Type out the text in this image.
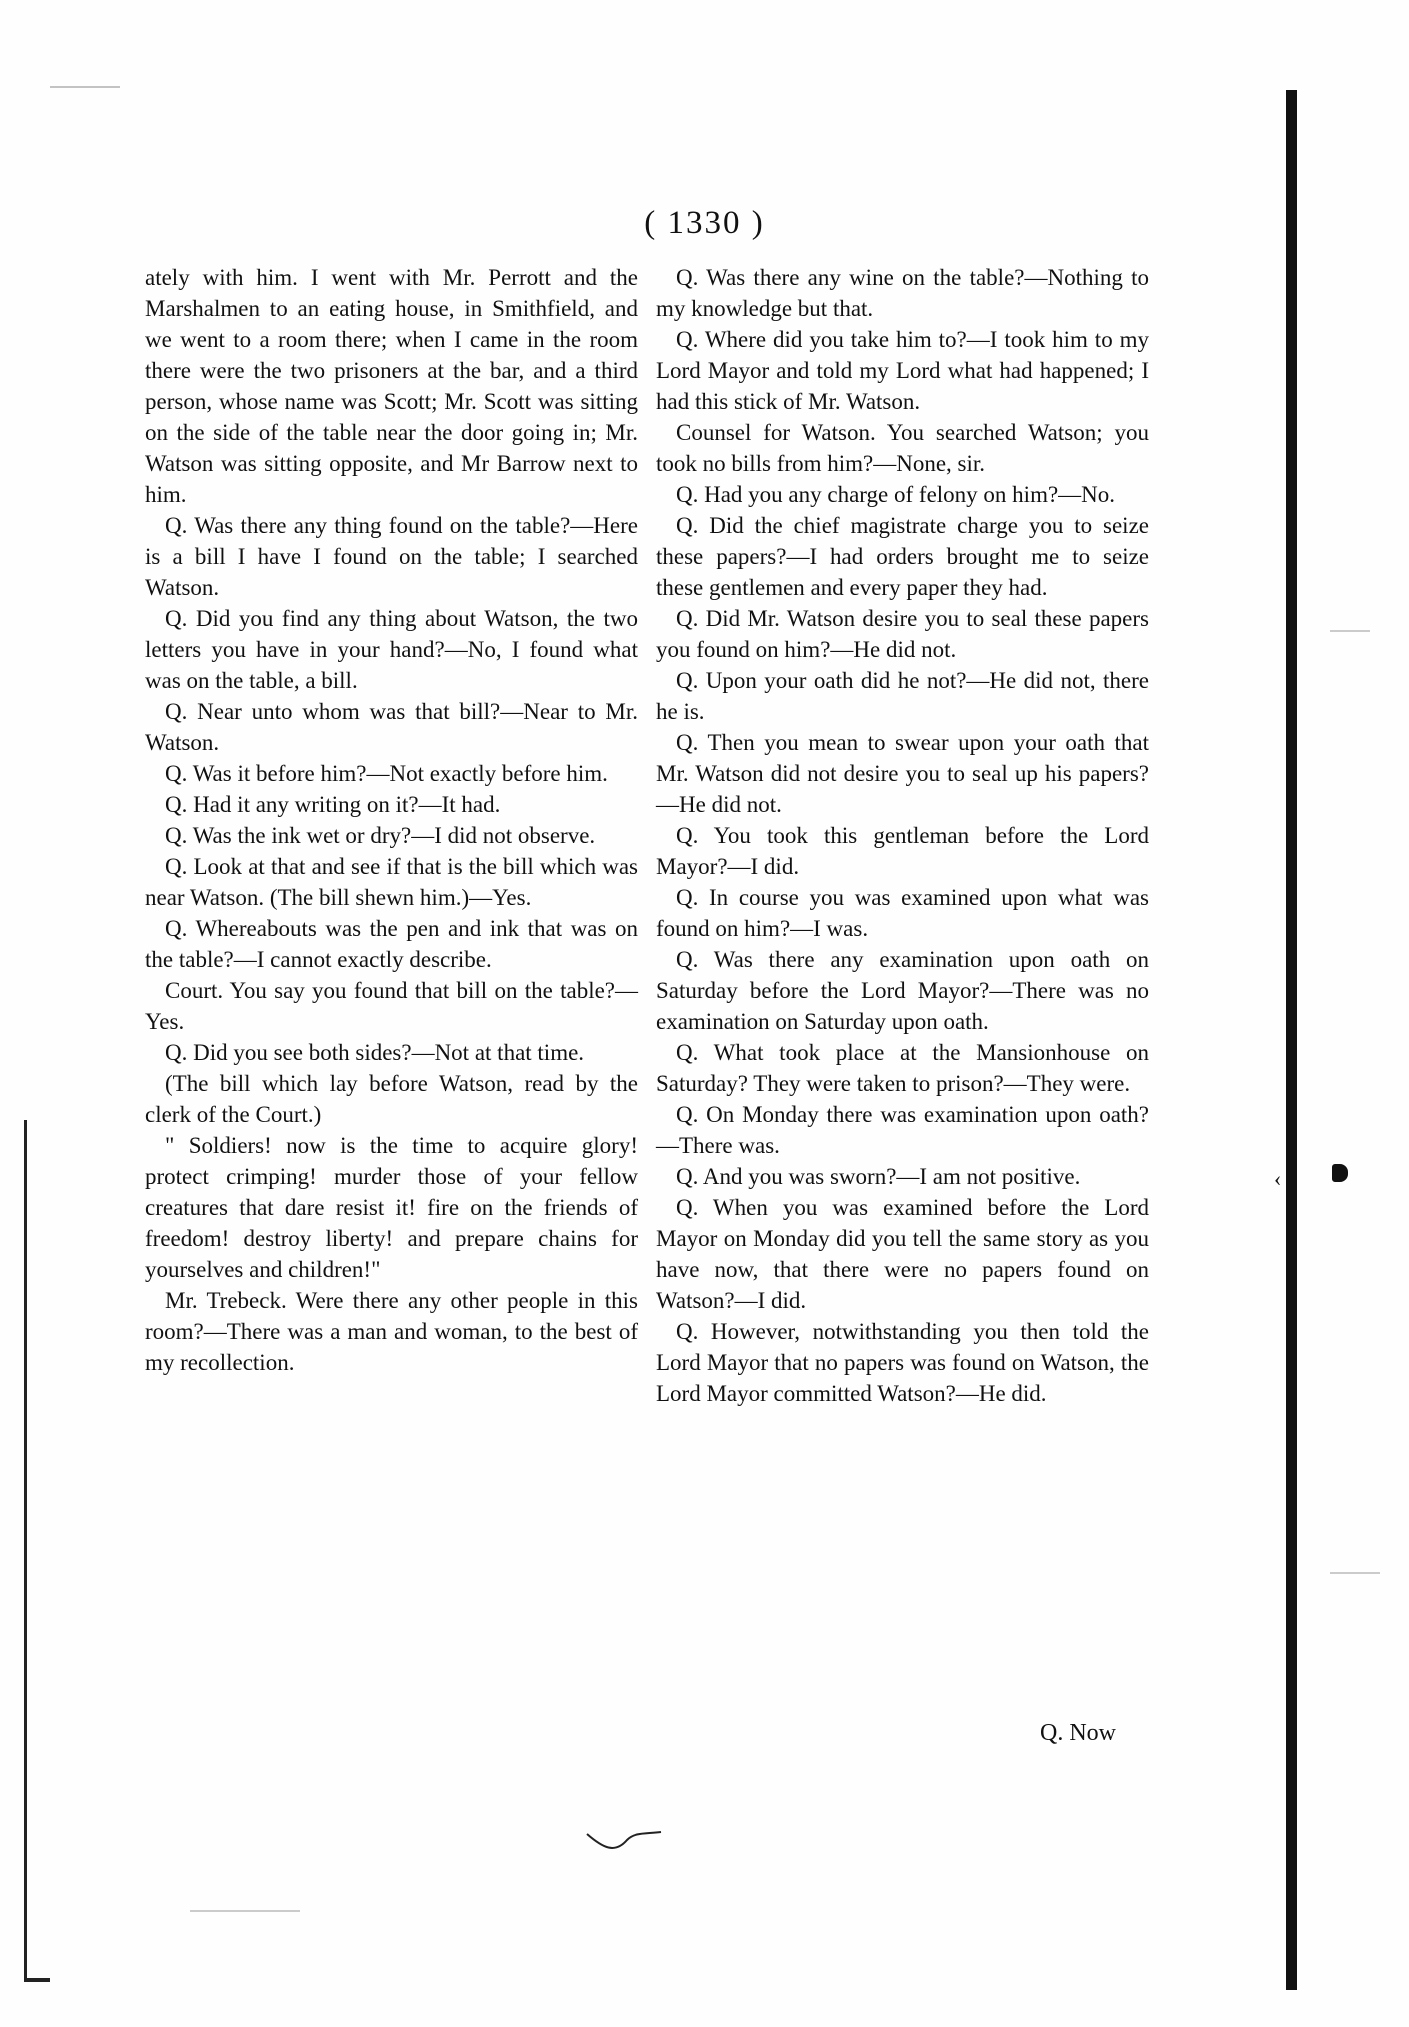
( 1330 )

ately with him. I went with Mr. Perrott and the Marshalmen to an eating house, in Smithfield, and we went to a room there; when I came in the room there were the two prisoners at the bar, and a third person, whose name was Scott; Mr. Scott was sitting on the side of the table near the door going in; Mr. Watson was sitting opposite, and Mr Barrow next to him.

Q. Was there any thing found on the table?—Here is a bill I have I found on the table; I searched Watson.

Q. Did you find any thing about Watson, the two letters you have in your hand?—No, I found what was on the table, a bill.

Q. Near unto whom was that bill?—Near to Mr. Watson.

Q. Was it before him?—Not exactly before him.

Q. Had it any writing on it?—It had.

Q. Was the ink wet or dry?—I did not observe.

Q. Look at that and see if that is the bill which was near Watson. (The bill shewn him.)—Yes.

Q. Whereabouts was the pen and ink that was on the table?—I cannot exactly describe.

Court. You say you found that bill on the table?—Yes.

Q. Did you see both sides?—Not at that time.

(The bill which lay before Watson, read by the clerk of the Court.)

" Soldiers! now is the time to acquire glory! protect crimping! murder those of your fellow creatures that dare resist it! fire on the friends of freedom! destroy liberty! and prepare chains for yourselves and children!"

Mr. Trebeck. Were there any other people in this room?—There was a man and woman, to the best of my recollection.

Q. Was there any wine on the table?—Nothing to my knowledge but that.

Q. Where did you take him to?—I took him to my Lord Mayor and told my Lord what had happened; I had this stick of Mr. Watson.

Counsel for Watson. You searched Watson; you took no bills from him?—None, sir.

Q. Had you any charge of felony on him?—No.

Q. Did the chief magistrate charge you to seize these papers?—I had orders brought me to seize these gentlemen and every paper they had.

Q. Did Mr. Watson desire you to seal these papers you found on him?—He did not.

Q. Upon your oath did he not?—He did not, there he is.

Q. Then you mean to swear upon your oath that Mr. Watson did not desire you to seal up his papers?—He did not.

Q. You took this gentleman before the Lord Mayor?—I did.

Q. In course you was examined upon what was found on him?—I was.

Q. Was there any examination upon oath on Saturday before the Lord Mayor?—There was no examination on Saturday upon oath.

Q. What took place at the Mansionhouse on Saturday? They were taken to prison?—They were.

Q. On Monday there was examination upon oath?—There was.

Q. And you was sworn?—I am not positive.

Q. When you was examined before the Lord Mayor on Monday did you tell the same story as you have now, that there were no papers found on Watson?—I did.

Q. However, notwithstanding you then told the Lord Mayor that no papers was found on Watson, the Lord Mayor committed Watson?—He did.

Q. Now
‹
